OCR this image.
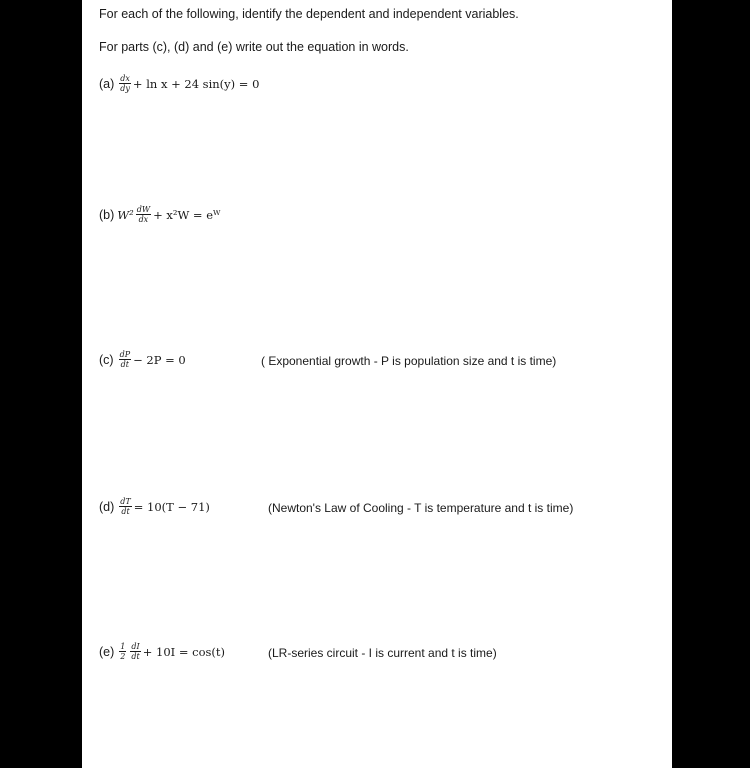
For each of the following, identify the dependent and independent variables.
For parts (c), (d) and (e) write out the equation in words.
$(a) \frac{dx}{dy} + \ln x + 24$ sin(y) = 0
(b) $W^2 \frac{dW}{dx} + x^2W$ = eᵂ
$(c) \frac{dP}{dt} - 2P = 0$	( Exponential growth - P is population size and t is time)
$(d) \frac{dT}{dt} = 10(T - 71)$	(Newton's Law of Cooling - T is temperature and t is time)
$(e) \frac{1}{2} \frac{dI}{dt} + 10I = \cos(t)$	(LR-series circuit - I is current and t is time)
